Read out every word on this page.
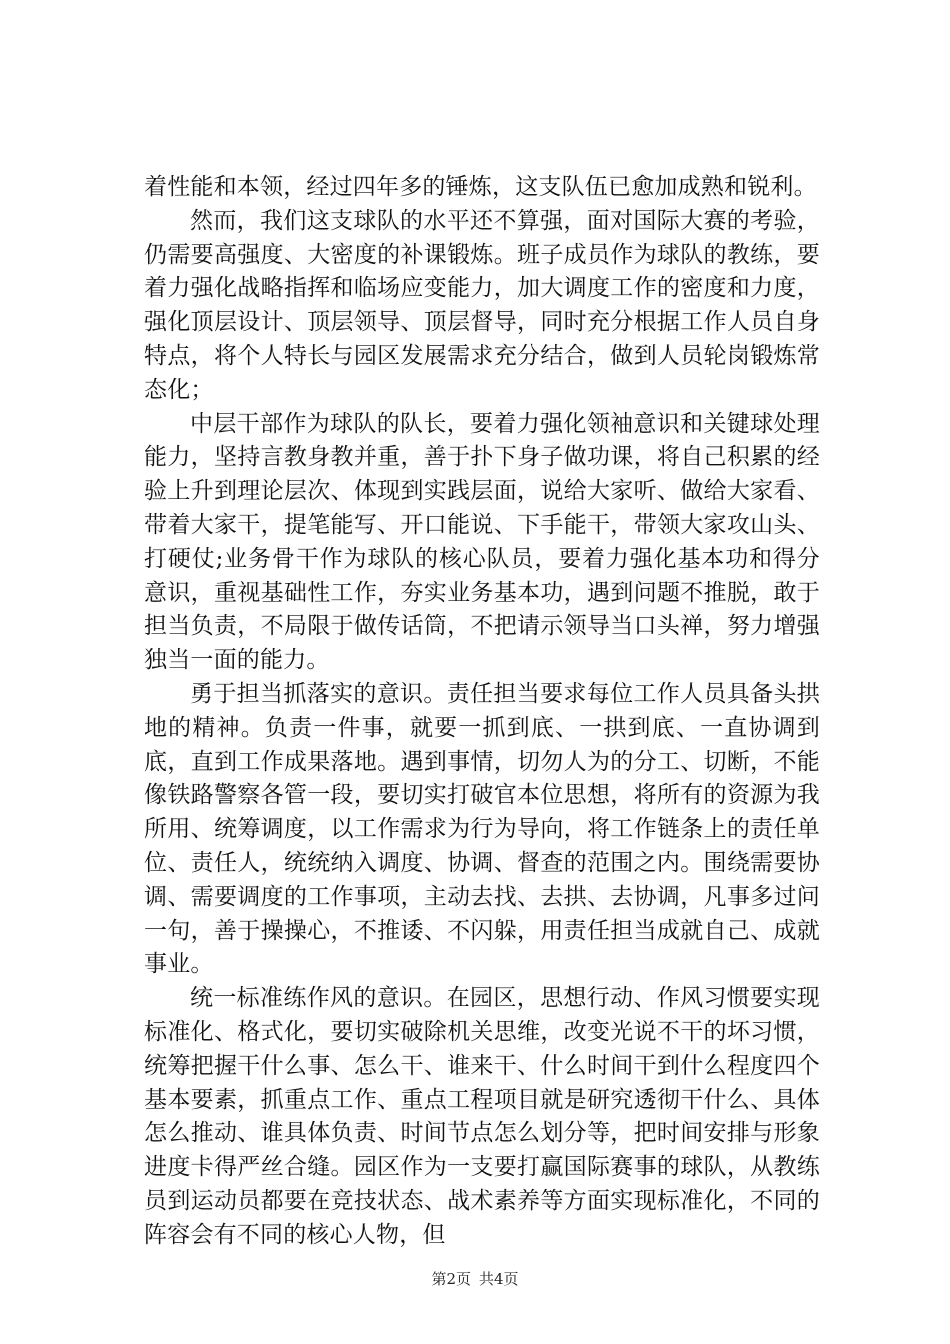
着性能和本领，经过四年多的锤炼，这支队伍已愈加成熟和锐利。

然而，我们这支球队的水平还不算强，面对国际大赛的考验，仍需要高强度、大密度的补课锻炼。班子成员作为球队的教练，要着力强化战略指挥和临场应变能力，加大调度工作的密度和力度，强化顶层设计、顶层领导、顶层督导，同时充分根据工作人员自身特点，将个人特长与园区发展需求充分结合，做到人员轮岗锻炼常态化；

中层干部作为球队的队长，要着力强化领袖意识和关键球处理能力，坚持言教身教并重，善于扑下身子做功课，将自己积累的经验上升到理论层次、体现到实践层面，说给大家听、做给大家看、带着大家干，提笔能写、开口能说、下手能干，带领大家攻山头、打硬仗;业务骨干作为球队的核心队员，要着力强化基本功和得分意识，重视基础性工作，夯实业务基本功，遇到问题不推脱，敢于担当负责，不局限于做传话筒，不把请示领导当口头禅，努力增强独当一面的能力。

勇于担当抓落实的意识。责任担当要求每位工作人员具备头拱地的精神。负责一件事，就要一抓到底、一拱到底、一直协调到底，直到工作成果落地。遇到事情，切勿人为的分工、切断，不能像铁路警察各管一段，要切实打破官本位思想，将所有的资源为我所用、统筹调度，以工作需求为行为导向，将工作链条上的责任单位、责任人，统统纳入调度、协调、督查的范围之内。围绕需要协调、需要调度的工作事项，主动去找、去拱、去协调，凡事多过问一句，善于操操心，不推诿、不闪躲，用责任担当成就自己、成就事业。

统一标准练作风的意识。在园区，思想行动、作风习惯要实现标准化、格式化，要切实破除机关思维，改变光说不干的坏习惯，统筹把握干什么事、怎么干、谁来干、什么时间干到什么程度四个基本要素，抓重点工作、重点工程项目就是研究透彻干什么、具体怎么推动、谁具体负责、时间节点怎么划分等，把时间安排与形象进度卡得严丝合缝。园区作为一支要打赢国际赛事的球队，从教练员到运动员都要在竞技状态、战术素养等方面实现标准化，不同的阵容会有不同的核心人物，但

第2页 共4页
